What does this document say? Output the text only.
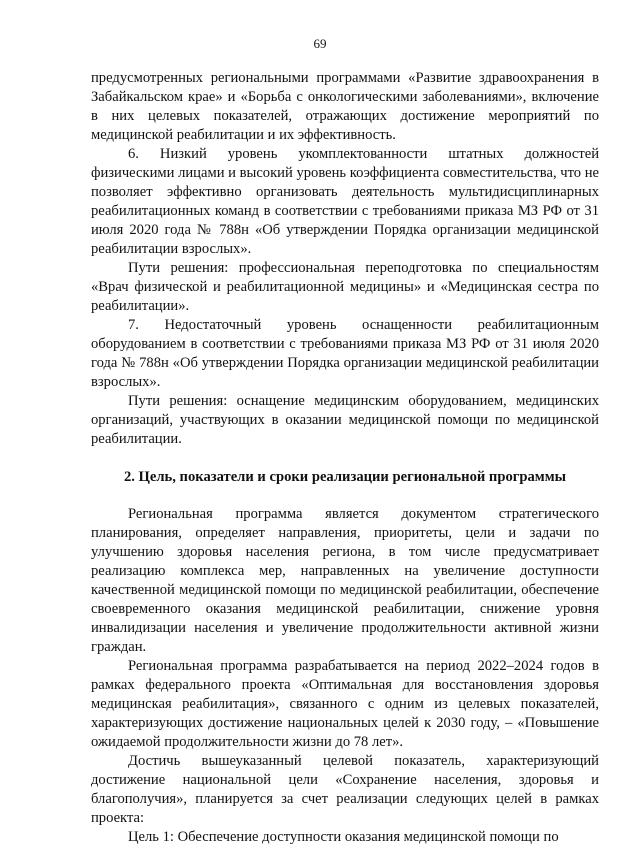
69

предусмотренных региональными программами «Развитие здравоохранения в Забайкальском крае» и «Борьба с онкологическими заболеваниями», включение в них целевых показателей, отражающих достижение мероприятий по медицинской реабилитации и их эффективность.

6. Низкий уровень укомплектованности штатных должностей физическими лицами и высокий уровень коэффициента совместительства, что не позволяет эффективно организовать деятельность мультидисциплинарных реабилитационных команд в соответствии с требованиями приказа МЗ РФ от 31 июля 2020 года № 788н «Об утверждении Порядка организации медицинской реабилитации взрослых».

Пути решения: профессиональная переподготовка по специальностям «Врач физической и реабилитационной медицины» и «Медицинская сестра по реабилитации».

7. Недостаточный уровень оснащенности реабилитационным оборудованием в соответствии с требованиями приказа МЗ РФ от 31 июля 2020 года № 788н «Об утверждении Порядка организации медицинской реабилитации взрослых».

Пути решения: оснащение медицинским оборудованием, медицинских организаций, участвующих в оказании медицинской помощи по медицинской реабилитации.

2. Цель, показатели и сроки реализации региональной программы

Региональная программа является документом стратегического планирования, определяет направления, приоритеты, цели и задачи по улучшению здоровья населения региона, в том числе предусматривает реализацию комплекса мер, направленных на увеличение доступности качественной медицинской помощи по медицинской реабилитации, обеспечение своевременного оказания медицинской реабилитации, снижение уровня инвалидизации населения и увеличение продолжительности активной жизни граждан.

Региональная программа разрабатывается на период 2022–2024 годов в рамках федерального проекта «Оптимальная для восстановления здоровья медицинская реабилитация», связанного с одним из целевых показателей, характеризующих достижение национальных целей к 2030 году, – «Повышение ожидаемой продолжительности жизни до 78 лет».

Достичь вышеуказанный целевой показатель, характеризующий достижение национальной цели «Сохранение населения, здоровья и благополучия», планируется за счет реализации следующих целей в рамках проекта:

Цель 1: Обеспечение доступности оказания медицинской помощи по
